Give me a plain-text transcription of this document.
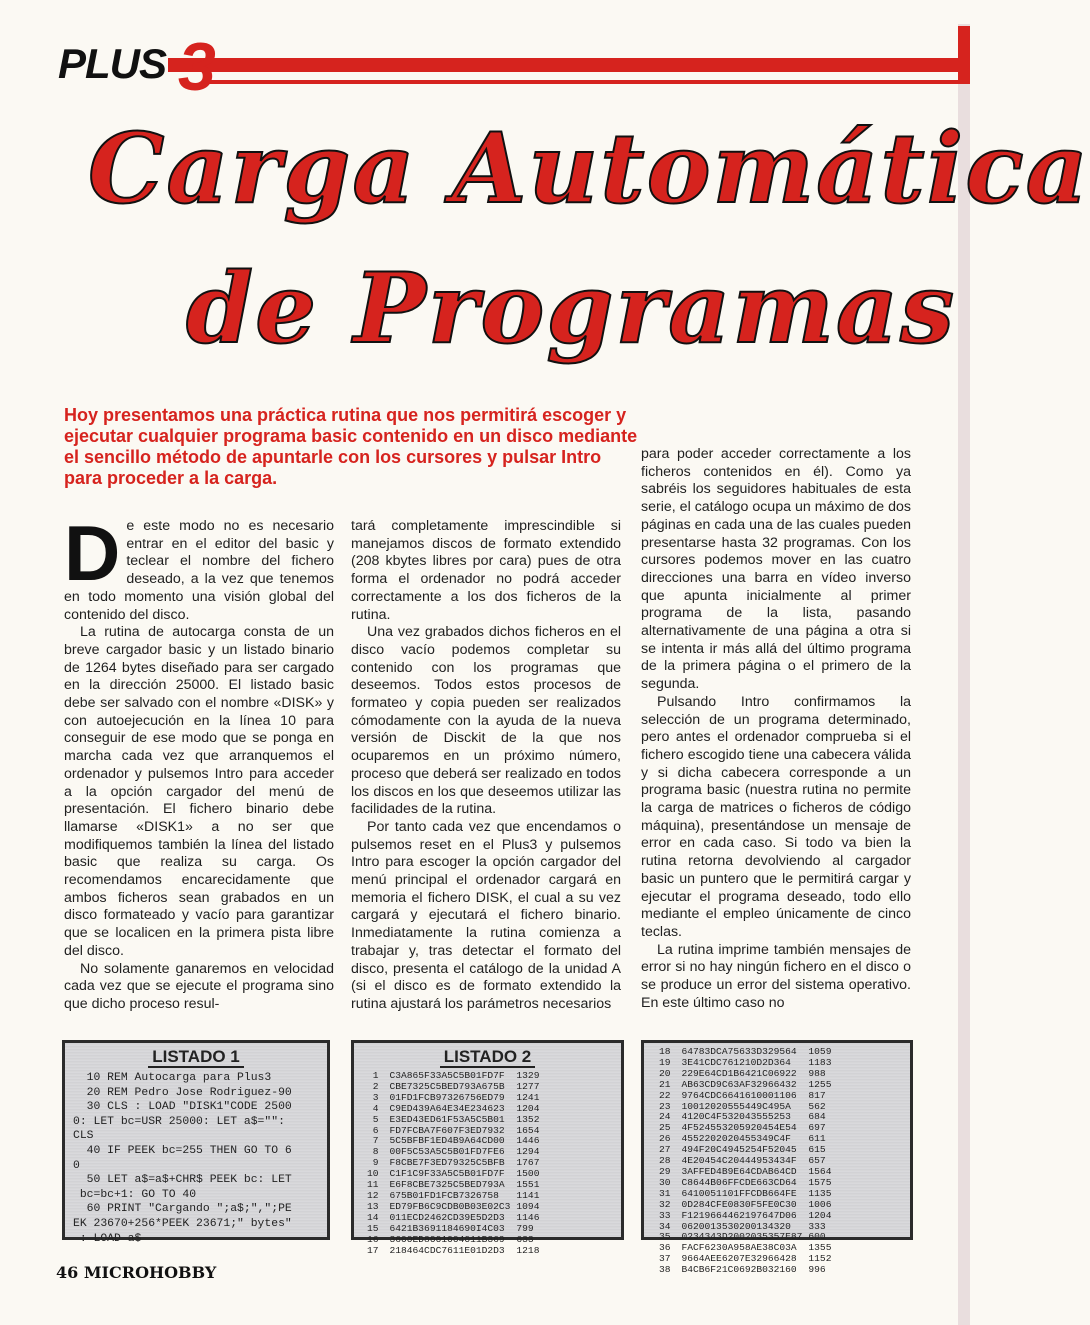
PLUS 3
Carga Automática
de Programas

Hoy presentamos una práctica rutina que nos permitirá escoger y ejecutar cualquier programa basic contenido en un disco mediante el sencillo método de apuntarle con los cursores y pulsar Intro para proceder a la carga.

De este modo no es necesario entrar en el editor del basic y teclear el nombre del fichero deseado, a la vez que tenemos en todo momento una visión global del contenido del disco.

La rutina de autocarga consta de un breve cargador basic y un listado binario de 1264 bytes diseñado para ser cargado en la dirección 25000. El listado basic debe ser salvado con el nombre «DISK» y con autoejecución en la línea 10 para conseguir de ese modo que se ponga en marcha cada vez que arranquemos el ordenador y pulsemos Intro para acceder a la opción cargador del menú de presentación. El fichero binario debe llamarse «DISK1» a no ser que modifiquemos también la línea del listado basic que realiza su carga. Os recomendamos encarecidamente que ambos ficheros sean grabados en un disco formateado y vacío para garantizar que se localicen en la primera pista libre del disco.

No solamente ganaremos en velocidad cada vez que se ejecute el programa sino que dicho proceso resul-

tará completamente imprescindible si manejamos discos de formato extendido (208 kbytes libres por cara) pues de otra forma el ordenador no podrá acceder correctamente a los dos ficheros de la rutina.

Una vez grabados dichos ficheros en el disco vacío podemos completar su contenido con los programas que deseemos. Todos estos procesos de formateo y copia pueden ser realizados cómodamente con la ayuda de la nueva versión de Disckit de la que nos ocuparemos en un próximo número, proceso que deberá ser realizado en todos los discos en los que deseemos utilizar las facilidades de la rutina.

Por tanto cada vez que encendamos o pulsemos reset en el Plus3 y pulsemos Intro para escoger la opción cargador del menú principal el ordenador cargará en memoria el fichero DISK, el cual a su vez cargará y ejecutará el fichero binario. Inmediatamente la rutina comienza a trabajar y, tras detectar el formato del disco, presenta el catálogo de la unidad A (si el disco es de formato extendido la rutina ajustará los parámetros necesarios

para poder acceder correctamente a los ficheros contenidos en él). Como ya sabréis los seguidores habituales de esta serie, el catálogo ocupa un máximo de dos páginas en cada una de las cuales pueden presentarse hasta 32 programas. Con los cursores podemos mover en las cuatro direcciones una barra en vídeo inverso que apunta inicialmente al primer programa de la lista, pasando alternativamente de una página a otra si se intenta ir más allá del último programa de la primera página o el primero de la segunda.

Pulsando Intro confirmamos la selección de un programa determinado, pero antes el ordenador comprueba si el fichero escogido tiene una cabecera válida y si dicha cabecera corresponde a un programa basic (nuestra rutina no permite la carga de matrices o ficheros de código máquina), presentándose un mensaje de error en cada caso. Si todo va bien la rutina retorna devolviendo al cargador basic un puntero que le permitirá cargar y ejecutar el programa deseado, todo ello mediante el empleo únicamente de cinco teclas.

La rutina imprime también mensajes de error si no hay ningún fichero en el disco o se produce un error del sistema operativo. En este último caso no

LISTADO 1
10 REM Autocarga para Plus3
20 REM Pedro Jose Rodriguez-90
30 CLS : LOAD "DISK1"CODE 2500
0: LET bc=USR 25000: LET a$="":
CLS
40 IF PEEK bc=255 THEN GO TO 6
0
50 LET a$=a$+CHR$ PEEK bc: LET
bc=bc+1: GO TO 40
60 PRINT "Cargando ";a$;",";PE
EK 23670+256*PEEK 23671;" bytes"
: LOAD a$
LISTADO 2
1	C3A865F33A5C5B01FD7F	1329
2	CBE7325C5BED793A675B	1277
3	01FD1FCB97326756ED79	1241
4	C9ED439A64E34E234623	1204
5	E3ED43ED61F53A5C5B01	1352
6	FD7FCBA7F607F3ED7932	1654
7	5C5BFBF1ED4B9A64CD00	1446
8	00F5C53A5C5B01FD7FE6	1294
9	F8CBE7F3ED79325C5BFB	1767
10	C1F1C9F33A5C5B01FD7F	1500
11	E6F8CBE7325C5BED793A	1551
12	675B01FD1FCB7326758	1141
13	ED79FB6C9CDB0B03E02C3	1094
14	011ECD2462CD39E5D2D3	1146
15	6421B3691184690I4C03	799
16	3600ED8001004011B369	633
17	218464CDC7611E01D2D3	1218
18	64783DCA75633D329564	1059
19	3E41CDC761210D2D364	1183
20	229E64CD1B6421C06922	988
21	AB63CD9C63AF32966432	1255
22	9764CDC6641610001106	817
23	10012020555449C495A	562
24	4120C4F532043555253	684
25	4F524553205920454E54	697
26	4552202020455349C4F	611
27	494F20C4945254F52045	615
28	4E20454C20444953434F	657
29	3AFFED4B9E64CDAB64CD	1564
30	C8644B06FFCDE663CD64	1575
31	6410051101FFCDB664FE	1135
32	0D284CFE0830F5FE0C30	1006
33	F1219664462197647D06	1204
34	0620013530200134320	333
35	0234343D2002035357E87	600
36	FACF6230A958AE38C03A	1355
37	9664AEE6207E32966428	1152
38	B4CB6F21C0692B032160	996
46 MICROHOBBY
